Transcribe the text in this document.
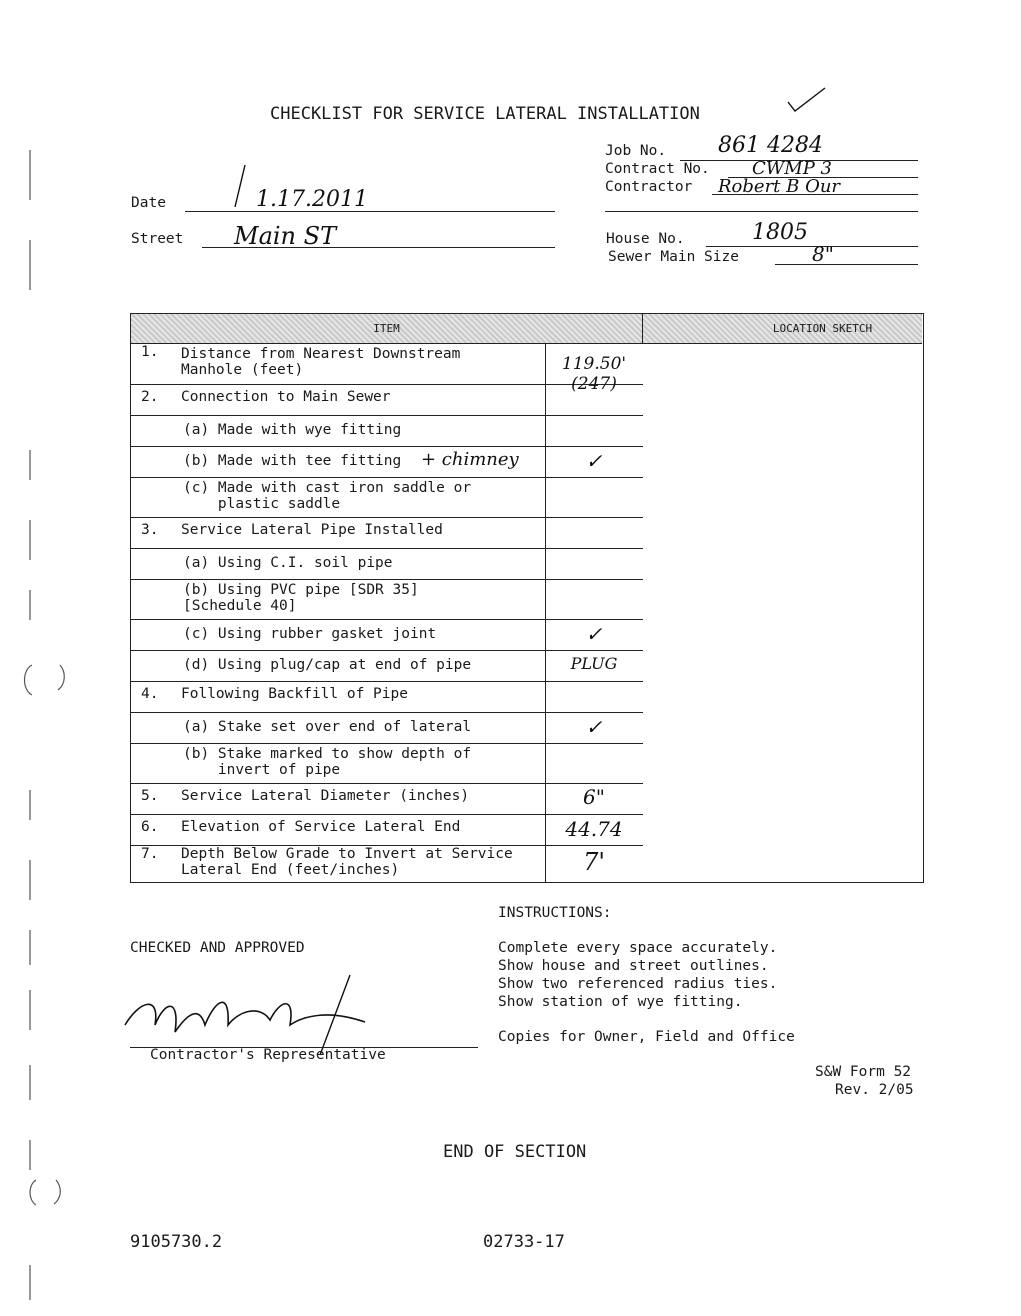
CHECKLIST FOR SERVICE LATERAL INSTALLATION
Job No. 861 4284
Contract No. CWMP 3
Contractor Robert B Our
House No.	1805
Sewer Main Size	8"
Date	1.17.2011
Street Main ST
ITEM	LOCATION SKETCH
1. Distance from Nearest Downstream
Manhole (feet)	119.50' (247)
2. Connection to Main Sewer
(a) Made with wye fitting
(b) Made with tee fitting + chimney	✓
(c) Made with cast iron saddle or
plastic saddle
3. Service Lateral Pipe Installed
(a) Using C.I. soil pipe
(b) Using PVC pipe [SDR 35]
[Schedule 40]
(c) Using rubber gasket joint	✓
(d) Using plug/cap at end of pipe	PLUG
4. Following Backfill of Pipe
(a) Stake set over end of lateral	✓
(b) Stake marked to show depth of
invert of pipe
5. Service Lateral Diameter (inches)	6"
6. Elevation of Service Lateral End	44.74
7. Depth Below Grade to Invert at Service
Lateral End (feet/inches)	7'
INSTRUCTIONS:
Complete every space accurately.
Show house and street outlines.
Show two referenced radius ties.
Show station of wye fitting.
Copies for Owner, Field and Office
CHECKED AND APPROVED
Contractor's Representative
S&W Form 52
Rev. 2/05
END OF SECTION
9105730.2	02733-17
